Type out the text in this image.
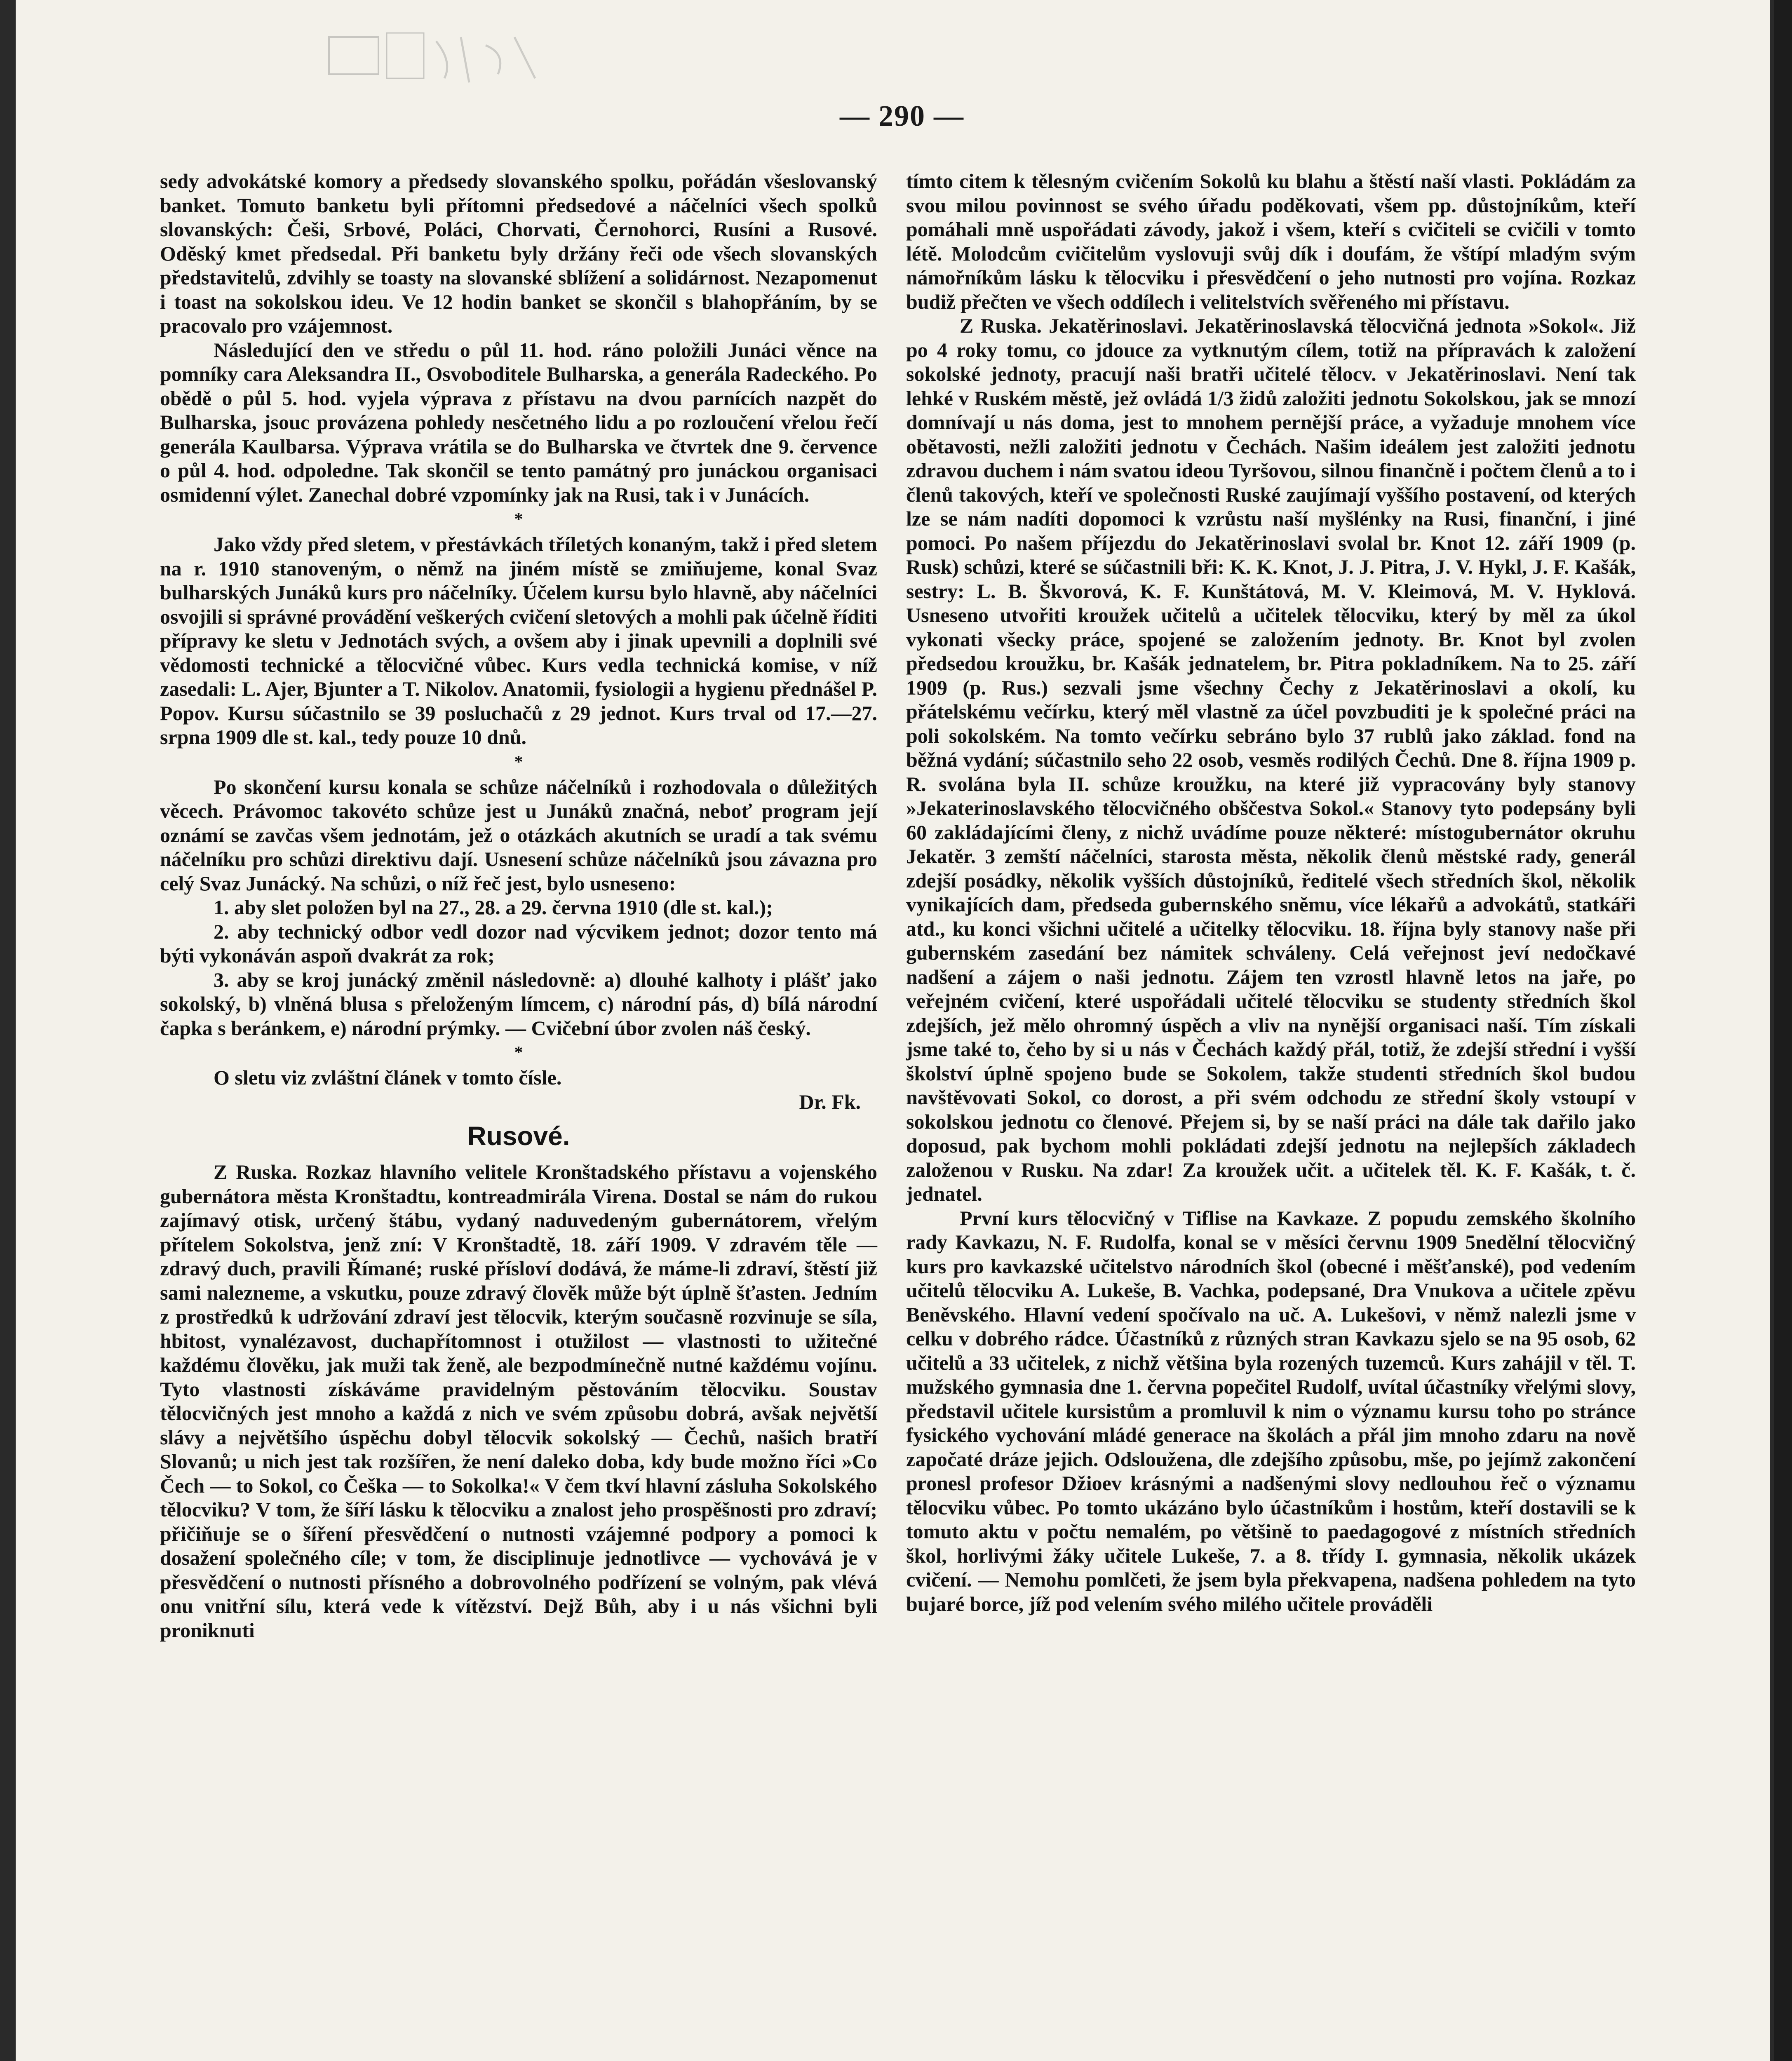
— 290 —

sedy advokátské komory a předsedy slovanského spolku, pořádán všeslovanský banket. Tomuto banketu byli přítomni předsedové a náčelníci všech spolků slovanských: Češi, Srbové, Poláci, Chorvati, Černohorci, Rusíni a Rusové. Oděský kmet předsedal. Při banketu byly držány řeči ode všech slovanských představitelů, zdvihly se toasty na slovanské sblížení a solidárnost. Nezapomenut i toast na sokolskou ideu. Ve 12 hodin banket se skončil s blahopřáním, by se pracovalo pro vzájemnost.

Následující den ve středu o půl 11. hod. ráno položili Junáci věnce na pomníky cara Aleksandra II., Osvoboditele Bulharska, a generála Radeckého. Po obědě o půl 5. hod. vyjela výprava z přístavu na dvou parnících nazpět do Bulharska, jsouc provázena pohledy nesčetného lidu a po rozloučení vřelou řečí generála Kaulbarsa. Výprava vrátila se do Bulharska ve čtvrtek dne 9. července o půl 4. hod. odpoledne. Tak skončil se tento památný pro junáckou organisaci osmidenní výlet. Zanechal dobré vzpomínky jak na Rusi, tak i v Junácích.

*

Jako vždy před sletem, v přestávkách tříletých konaným, takž i před sletem na r. 1910 stanoveným, o němž na jiném místě se zmiňujeme, konal Svaz bulharských Junáků kurs pro náčelníky. Účelem kursu bylo hlavně, aby náčelníci osvojili si správné provádění veškerých cvičení sletových a mohli pak účelně říditi přípravy ke sletu v Jednotách svých, a ovšem aby i jinak upevnili a doplnili své vědomosti technické a tělocvičné vůbec. Kurs vedla technická komise, v níž zasedali: L. Ajer, Bjunter a T. Nikolov. Anatomii, fysiologii a hygienu přednášel P. Popov. Kursu súčastnilo se 39 posluchačů z 29 jednot. Kurs trval od 17.—27. srpna 1909 dle st. kal., tedy pouze 10 dnů.

*

Po skončení kursu konala se schůze náčelníků i rozhodovala o důležitých věcech. Právomoc takovéto schůze jest u Junáků značná, neboť program její oznámí se zavčas všem jednotám, jež o otázkách akutních se uradí a tak svému náčelníku pro schůzi direktivu dají. Usnesení schůze náčelníků jsou závazna pro celý Svaz Junácký. Na schůzi, o níž řeč jest, bylo usneseno:

1. aby slet položen byl na 27., 28. a 29. června 1910 (dle st. kal.);

2. aby technický odbor vedl dozor nad výcvikem jednot; dozor tento má býti vykonáván aspoň dvakrát za rok;

3. aby se kroj junácký změnil následovně: a) dlouhé kalhoty i plášť jako sokolský, b) vlněná blusa s přeloženým límcem, c) národní pás, d) bílá národní čapka s beránkem, e) národní prýmky. — Cvičební úbor zvolen náš český.

*

O sletu viz zvláštní článek v tomto čísle.

Dr. Fk.
Rusové.

Z Ruska. Rozkaz hlavního velitele Kronštadského přístavu a vojenského gubernátora města Kronštadtu, kontreadmirála Virena. Dostal se nám do rukou zajímavý otisk, určený štábu, vydaný naduvedeným gubernátorem, vřelým přítelem Sokolstva, jenž zní: V Kronštadtě, 18. září 1909. V zdravém těle — zdravý duch, pravili Římané; ruské přísloví dodává, že máme-li zdraví, štěstí již sami nalezneme, a vskutku, pouze zdravý člověk může být úplně šťasten. Jedním z prostředků k udržování zdraví jest tělocvik, kterým současně rozvinuje se síla, hbitost, vynalézavost, duchapřítomnost i otužilost — vlastnosti to užitečné každému člověku, jak muži tak ženě, ale bezpodmínečně nutné každému vojínu. Tyto vlastnosti získáváme pravidelným pěstováním tělocviku. Soustav tělocvičných jest mnoho a každá z nich ve svém způsobu dobrá, avšak největší slávy a největšího úspěchu dobyl tělocvik sokolský — Čechů, našich bratří Slovanů; u nich jest tak rozšířen, že není daleko doba, kdy bude možno říci »Co Čech — to Sokol, co Češka — to Sokolka!« V čem tkví hlavní zásluha Sokolského tělocviku? V tom, že šíří lásku k tělocviku a znalost jeho prospěšnosti pro zdraví; přičiňuje se o šíření přesvědčení o nutnosti vzájemné podpory a pomoci k dosažení společného cíle; v tom, že disciplinuje jednotlivce — vychovává je v přesvědčení o nutnosti přísného a dobrovolného podřízení se volným, pak vlévá onu vnitřní sílu, která vede k vítězství. Dejž Bůh, aby i u nás všichni byli proniknuti

tímto citem k tělesným cvičením Sokolů ku blahu a štěstí naší vlasti. Pokládám za svou milou povinnost se svého úřadu poděkovati, všem pp. důstojníkům, kteří pomáhali mně uspořádati závody, jakož i všem, kteří s cvičiteli se cvičili v tomto létě. Molodcům cvičitelům vyslovuji svůj dík i doufám, že vštípí mladým svým námořníkům lásku k tělocviku i přesvědčení o jeho nutnosti pro vojína. Rozkaz budiž přečten ve všech oddílech i velitelstvích svěřeného mi přístavu.

Z Ruska. Jekatěrinoslavi. Jekatěrinoslavská tělocvičná jednota »Sokol«. Již po 4 roky tomu, co jdouce za vytknutým cílem, totiž na přípravách k založení sokolské jednoty, pracují naši bratři učitelé tělocv. v Jekatěrinoslavi. Není tak lehké v Ruském městě, jež ovládá 1/3 židů založiti jednotu Sokolskou, jak se mnozí domnívají u nás doma, jest to mnohem pernější práce, a vyžaduje mnohem více obětavosti, nežli založiti jednotu v Čechách. Našim ideálem jest založiti jednotu zdravou duchem i nám svatou ideou Tyršovou, silnou finančně i počtem členů a to i členů takových, kteří ve společnosti Ruské zaujímají vyššího postavení, od kterých lze se nám nadíti dopomoci k vzrůstu naší myšlénky na Rusi, finanční, i jiné pomoci. Po našem příjezdu do Jekatěrinoslavi svolal br. Knot 12. září 1909 (p. Rusk) schůzi, které se súčastnili bři: K. K. Knot, J. J. Pitra, J. V. Hykl, J. F. Kašák, sestry: L. B. Škvorová, K. F. Kunštátová, M. V. Kleimová, M. V. Hyklová. Usneseno utvořiti kroužek učitelů a učitelek tělocviku, který by měl za úkol vykonati všecky práce, spojené se založením jednoty. Br. Knot byl zvolen předsedou kroužku, br. Kašák jednatelem, br. Pitra pokladníkem. Na to 25. září 1909 (p. Rus.) sezvali jsme všechny Čechy z Jekatěrinoslavi a okolí, ku přátelskému večírku, který měl vlastně za účel povzbuditi je k společné práci na poli sokolském. Na tomto večírku sebráno bylo 37 rublů jako základ. fond na běžná vydání; súčastnilo seho 22 osob, vesměs rodilých Čechů. Dne 8. října 1909 p. R. svolána byla II. schůze kroužku, na které již vypracovány byly stanovy »Jekaterinoslavského tělocvičného obščestva Sokol.« Stanovy tyto podepsány byli 60 zakládajícími členy, z nichž uvádíme pouze některé: místogubernátor okruhu Jekatěr. 3 zemští náčelníci, starosta města, několik členů městské rady, generál zdejší posádky, několik vyšších důstojníků, ředitelé všech středních škol, několik vynikajících dam, předseda gubernského sněmu, více lékařů a advokátů, statkáři atd., ku konci všichni učitelé a učitelky tělocviku. 18. října byly stanovy naše při gubernském zasedání bez námitek schváleny. Celá veřejnost jeví nedočkavé nadšení a zájem o naši jednotu. Zájem ten vzrostl hlavně letos na jaře, po veřejném cvičení, které uspořádali učitelé tělocviku se studenty středních škol zdejších, jež mělo ohromný úspěch a vliv na nynější organisaci naší. Tím získali jsme také to, čeho by si u nás v Čechách každý přál, totiž, že zdejší střední i vyšší školství úplně spojeno bude se Sokolem, takže studenti středních škol budou navštěvovati Sokol, co dorost, a při svém odchodu ze střední školy vstoupí v sokolskou jednotu co členové. Přejem si, by se naší práci na dále tak dařilo jako doposud, pak bychom mohli pokládati zdejší jednotu na nejlepších základech založenou v Rusku. Na zdar! Za kroužek učit. a učitelek těl. K. F. Kašák, t. č. jednatel.

První kurs tělocvičný v Tiflise na Kavkaze. Z popudu zemského školního rady Kavkazu, N. F. Rudolfa, konal se v měsíci červnu 1909 5nedělní tělocvičný kurs pro kavkazské učitelstvo národních škol (obecné i měšťanské), pod vedením učitelů tělocviku A. Lukeše, B. Vachka, podepsané, Dra Vnukova a učitele zpěvu Beněvského. Hlavní vedení spočívalo na uč. A. Lukešovi, v němž nalezli jsme v celku v dobrého rádce. Účastníků z různých stran Kavkazu sjelo se na 95 osob, 62 učitelů a 33 učitelek, z nichž většina byla rozených tuzemců. Kurs zahájil v těl. T. mužského gymnasia dne 1. června popečitel Rudolf, uvítal účastníky vřelými slovy, představil učitele kursistům a promluvil k nim o významu kursu toho po stránce fysického vychování mládé generace na školách a přál jim mnoho zdaru na nově započaté dráze jejich. Odsloužena, dle zdejšího způsobu, mše, po jejímž zakončení pronesl profesor Džioev krásnými a nadšenými slovy nedlouhou řeč o významu tělocviku vůbec. Po tomto ukázáno bylo účastníkům i hostům, kteří dostavili se k tomuto aktu v počtu nemalém, po většině to paedagogové z místních středních škol, horlivými žáky učitele Lukeše, 7. a 8. třídy I. gymnasia, několik ukázek cvičení. — Nemohu pomlčeti, že jsem byla překvapena, nadšena pohledem na tyto bujaré borce, jíž pod velením svého milého učitele prováděli
